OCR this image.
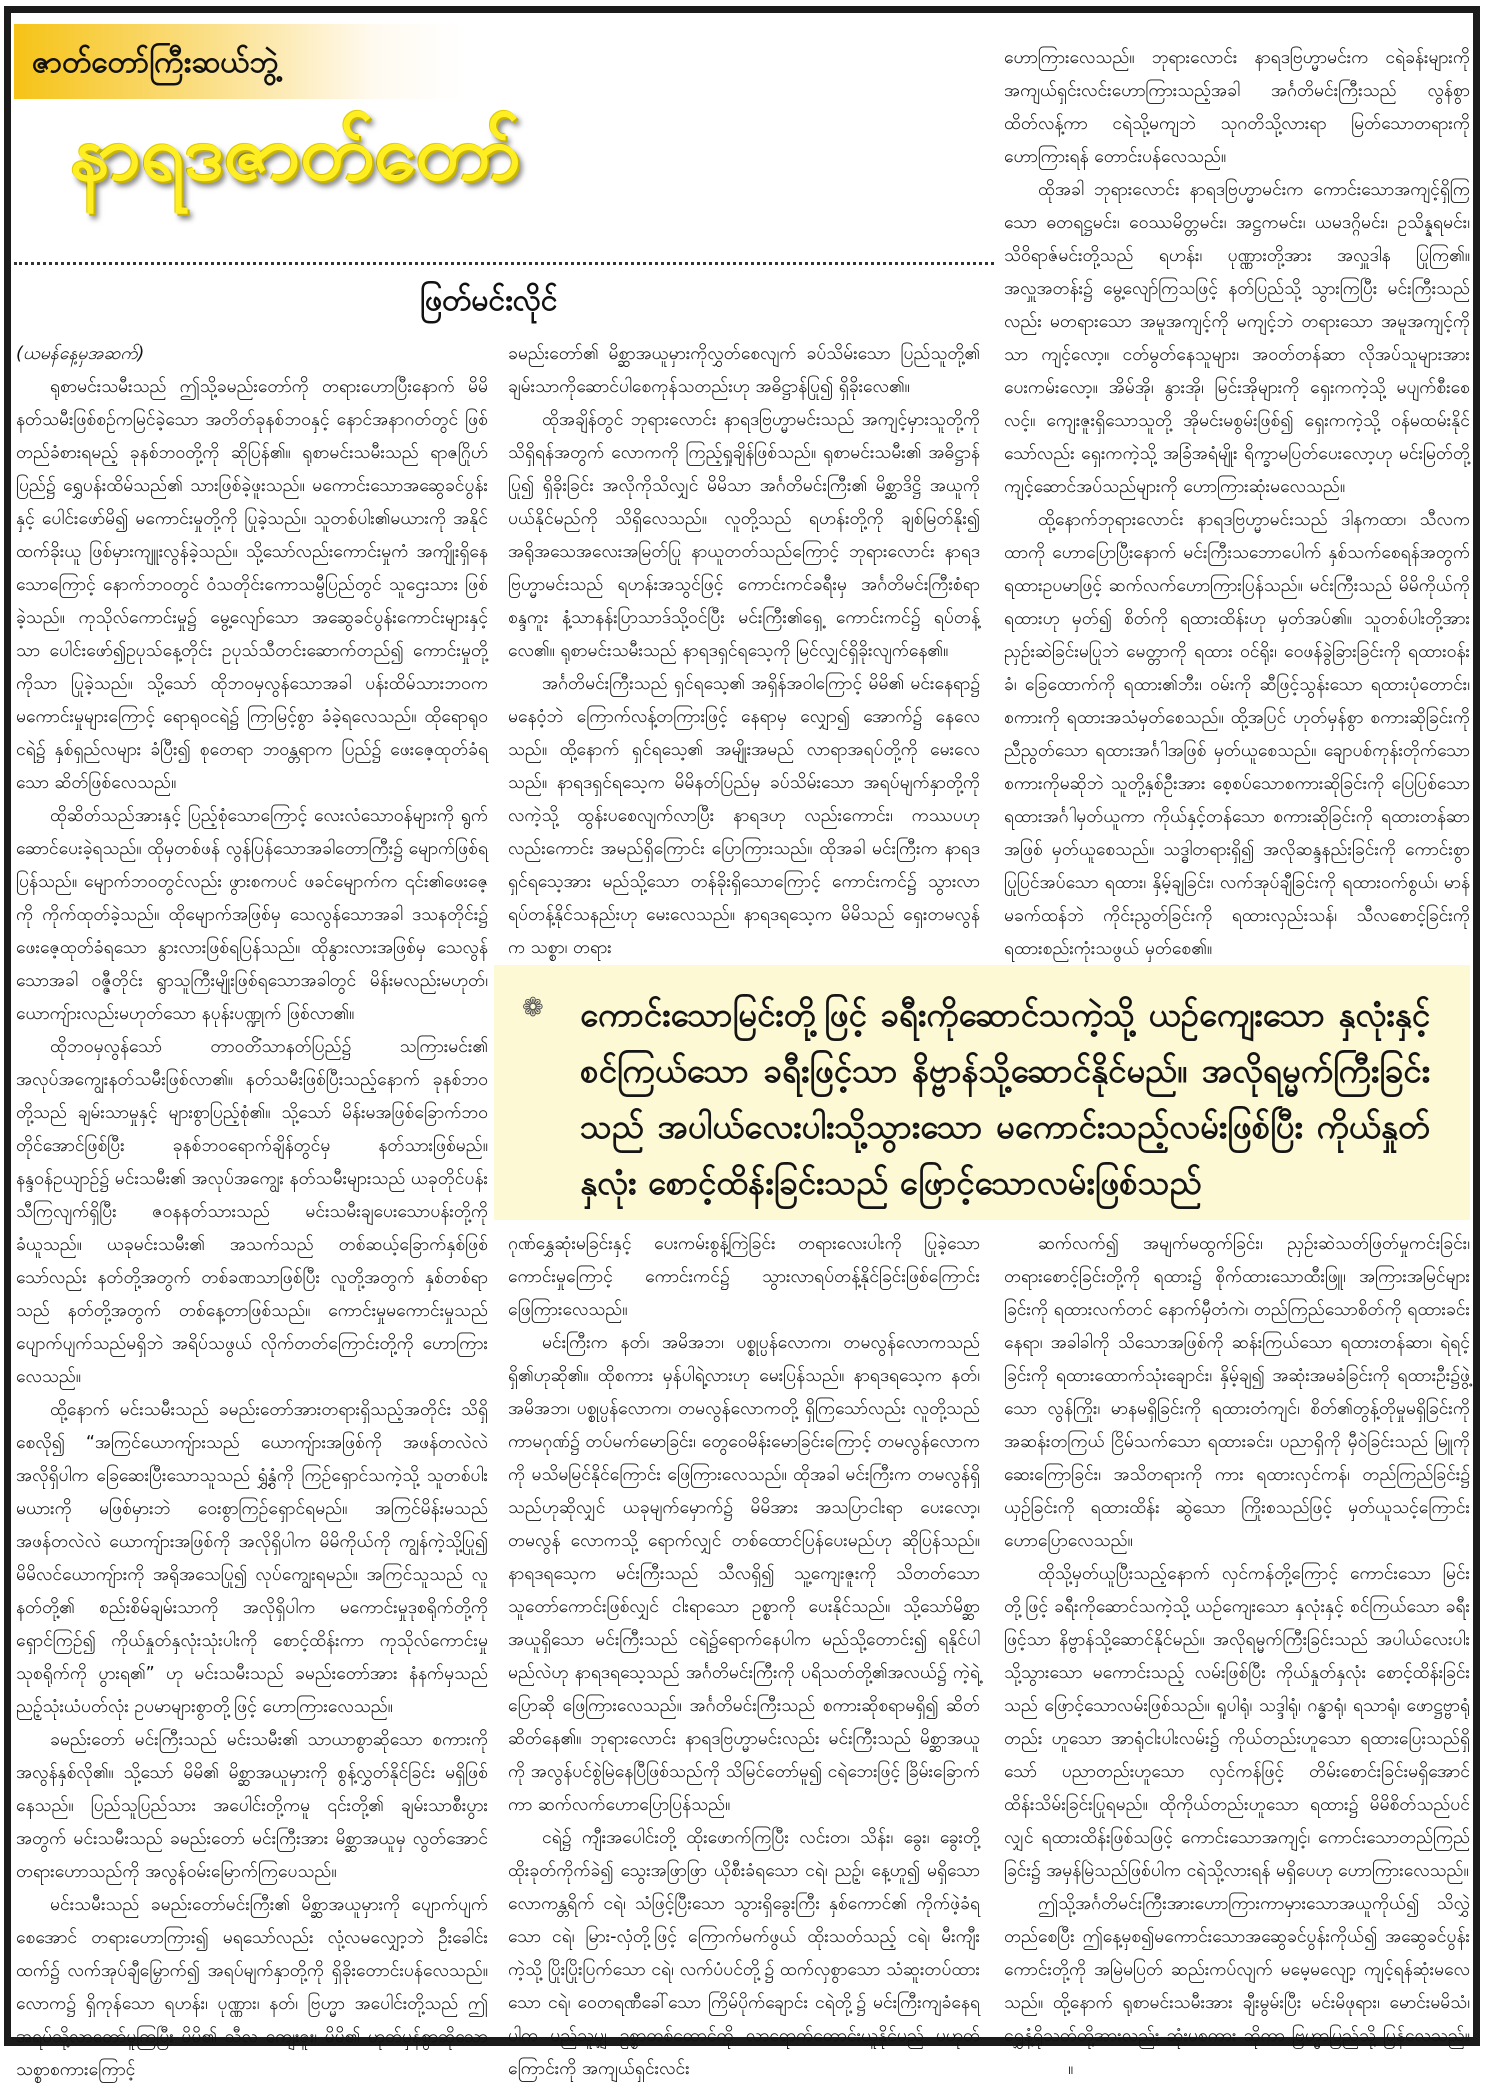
ဇာတ်တော်ကြီးဆယ်ဘွဲ့
နာရဒဇာတ်တော်
ဖြတ်မင်းလိုင်

(ယမန်နေ့မှအဆက်)

ရုစာမင်းသမီးသည် ဤသို့ခမည်းတော်ကို တရားဟောပြီးနောက် မိမိနတ်သမီးဖြစ်စဉ်ကမြင်ခဲ့သော အတိတ်ခုနစ်ဘဝနှင့် နောင်အနာဂတ်တွင် ဖြစ်တည်ခံစားရမည့် ခုနစ်ဘဝတို့ကို ဆိုပြန်၏။ ရုစာမင်းသမီးသည် ရာဇဂြိုဟ်ပြည်၌ ရွှေပန်းထိမ်သည်၏ သားဖြစ်ခဲ့ဖူးသည်။ မကောင်းသောအဆွေခင်ပွန်းနှင့် ပေါင်းဖော်မိ၍ မကောင်းမှုတို့ကို ပြုခဲ့သည်။ သူတစ်ပါး၏မယားကို အနိုင်ထက်ခိုးယူ ဖြစ်မှားကျူးလွန်ခဲ့သည်။ သို့သော်လည်းကောင်းမှုကံ အကျိုးရှိနေသောကြောင့် နောက်ဘဝတွင် ဝံသတိုင်းကောသမ္ဗီပြည်တွင် သူဌေးသား ဖြစ်ခဲ့သည်။ ကုသိုလ်ကောင်းမှု၌ မွေ့လျော်သော အဆွေခင်ပွန်းကောင်းများနှင့်သာ ပေါင်းဖော်၍ဥပုသ်နေ့တိုင်း ဥပုသ်သီတင်းဆောက်တည်၍ ကောင်းမှုတို့ကိုသာ ပြုခဲ့သည်။ သို့သော် ထိုဘဝမှလွန်သောအခါ ပန်းထိမ်သားဘဝက မကောင်းမှုများကြောင့် ရောရုဝငရဲ၌ ကြာမြင့်စွာ ခံခဲ့ရလေသည်။ ထိုရောရုဝငရဲ၌ နှစ်ရှည်လများ ခံပြီး၍ စုတေရာ ဘဝန္တရာက ပြည်၌ ဖေးဇေ့ထုတ်ခံရသော ဆိတ်ဖြစ်လေသည်။

ထိုဆိတ်သည်အားနှင့် ပြည့်စုံသောကြောင့် လေးလံသောဝန်များကို ရွက်ဆောင်ပေးခဲ့ရသည်။ ထိုမှတစ်ဖန် လွန်ပြန်သောအခါတောကြီး၌ မျောက်ဖြစ်ရပြန်သည်။ မျောက်ဘဝတွင်လည်း ဖွားစကပင် ဖခင်မျောက်က ၎င်း၏ဖေးဇေ့ကို ကိုက်ထုတ်ခဲ့သည်။ ထိုမျောက်အဖြစ်မှ သေလွန်သောအခါ ဒသနတိုင်း၌ ဖေးဇေ့ထုတ်ခံရသော နွားလားဖြစ်ရပြန်သည်။ ထိုနွားလားအဖြစ်မှ သေလွန်သောအခါ ဝဇ္ဇီတိုင်း ရွာသူကြီးမျိုးဖြစ်ရသောအခါတွင် မိန်းမလည်းမဟုတ်၊ ယောကျ်ားလည်းမဟုတ်သော နပုန်းပဏ္ဍုက် ဖြစ်လာ၏။

ထိုဘဝမှလွန်သော် တာဝတိံသာနတ်ပြည်၌ သကြားမင်း၏ အလုပ်အကျွေးနတ်သမီးဖြစ်လာ၏။ နတ်သမီးဖြစ်ပြီးသည့်နောက် ခုနစ်ဘဝတို့သည် ချမ်းသာမှုနှင့် များစွာပြည့်စုံ၏။ သို့သော် မိန်းမအဖြစ်ခြောက်ဘဝတိုင်အောင်ဖြစ်ပြီး ခုနစ်ဘဝရောက်ချိန်တွင်မှ နတ်သားဖြစ်မည်။ နန္ဒဝန်ဥယျာဉ်၌ မင်းသမီး၏ အလုပ်အကျွေး နတ်သမီးများသည် ယခုတိုင်ပန်းသီကြလျက်ရှိပြီး ဇဝနနတ်သားသည် မင်းသမီးချပေးသောပန်းတို့ကို ခံယူသည်။ ယခုမင်းသမီး၏ အသက်သည် တစ်ဆယ့်ခြောက်နှစ်ဖြစ်သော်လည်း နတ်တို့အတွက် တစ်ခဏသာဖြစ်ပြီး လူတို့အတွက် နှစ်တစ်ရာသည် နတ်တို့အတွက် တစ်နေ့တာဖြစ်သည်။ ကောင်းမှုမကောင်းမှုသည် ပျောက်ပျက်သည်မရှိဘဲ အရိပ်သဖွယ် လိုက်တတ်ကြောင်းတို့ကို ဟောကြားလေသည်။

ထို့နောက် မင်းသမီးသည် ခမည်းတော်အားတရားရှိသည့်အတိုင်း သိရှိစေလို၍ “အကြင်ယောကျ်ားသည် ယောကျ်ားအဖြစ်ကို အဖန်တလဲလဲ အလိုရှိပါက ခြေဆေးပြီးသောသူသည် ရွှံ့နွံကို ကြဉ်ရှောင်သကဲ့သို့ သူတစ်ပါးမယားကို မဖြစ်မှားဘဲ ဝေးစွာကြဉ်ရှောင်ရမည်။ အကြင်မိန်းမသည် အဖန်တလဲလဲ ယောကျ်ားအဖြစ်ကို အလိုရှိပါက မိမိကိုယ်ကို ကျွန်ကဲ့သို့ပြု၍ မိမိလင်ယောကျ်ားကို အရိုအသေပြု၍ လုပ်ကျွေးရမည်။ အကြင်သူသည် လူနတ်တို့၏ စည်းစိမ်ချမ်းသာကို အလိုရှိပါက မကောင်းမှုဒုစရိုက်တို့ကို ရှောင်ကြဉ်၍ ကိုယ်နှုတ်နှလုံးသုံးပါးကို စောင့်ထိန်းကာ ကုသိုလ်ကောင်းမှု သုစရိုက်ကို ပွားရ၏” ဟု မင်းသမီးသည် ခမည်းတော်အား နံနက်မှသည် ညဉ့်သုံးယံပတ်လုံး ဥပမာများစွာတို့ဖြင့် ဟောကြားလေသည်။

ခမည်းတော် မင်းကြီးသည် မင်းသမီး၏ သာယာစွာဆိုသော စကားကို အလွန်နှစ်လို၏။ သို့သော် မိမိ၏ မိစ္ဆာအယူမှားကို စွန့်လွှတ်နိုင်ခြင်း မရှိဖြစ်နေသည်။ ပြည်သူပြည်သား အပေါင်းတို့ကမူ ၎င်းတို့၏ ချမ်းသာစီးပွားအတွက် မင်းသမီးသည် ခမည်းတော် မင်းကြီးအား မိစ္ဆာအယူမှ လွတ်အောင်တရားဟောသည်ကို အလွန်ဝမ်းမြောက်ကြပေသည်။

မင်းသမီးသည် ခမည်းတော်မင်းကြီး၏ မိစ္ဆာအယူမှားကို ပျောက်ပျက်စေအောင် တရားဟောကြား၍ မရသော်လည်း လုံ့လမလျှော့ဘဲ ဦးခေါင်းထက်၌ လက်အုပ်ချီမြှောက်၍ အရပ်မျက်နှာတို့ကို ရှိခိုးတောင်းပန်လေသည်။ လောက၌ ရှိကုန်သော ရဟန်း၊ ပုဏ္ဏား၊ နတ်၊ ဗြဟ္မာ အပေါင်းတို့သည် ဤအရပ်သို့လာတော်မူကြပြီး မိမိ၏ သီလ ကျေးဇူး၊ မိမိ၏ ဟုတ်မှန်စွာဆိုသော သစ္စာစကားကြောင့်

ခမည်းတော်၏ မိစ္ဆာအယူမှားကိုလွှတ်စေလျက် ခပ်သိမ်းသော ပြည်သူတို့၏ ချမ်းသာကိုဆောင်ပါစေကုန်သတည်းဟု အဓိဋ္ဌာန်ပြု၍ ရှိခိုးလေ၏။

ထိုအချိန်တွင် ဘုရားလောင်း နာရဒဗြဟ္မာမင်းသည် အကျင့်မှားသူတို့ကို သိရှိရန်အတွက် လောကကို ကြည့်ရှုချိန်ဖြစ်သည်။ ရုစာမင်းသမီး၏ အဓိဋ္ဌာန်ပြု၍ ရှိခိုးခြင်း အလိုကိုသိလျှင် မိမိသာ အင်္ဂတိမင်းကြီး၏ မိစ္ဆာဒိဋ္ဌိ အယူကို ပယ်နိုင်မည်ကို သိရှိလေသည်။ လူတို့သည် ရဟန်းတို့ကို ချစ်မြတ်နိုး၍ အရိုအသေအလေးအမြတ်ပြု နာယူတတ်သည်ကြောင့် ဘုရားလောင်း နာရဒဗြဟ္မာမင်းသည် ရဟန်းအသွင်ဖြင့် ကောင်းကင်ခရီးမှ အင်္ဂတိမင်းကြီးစံရာ စန္ဒကူး နံ့သာနန်းပြာသာဒ်သို့ဝင်ပြီး မင်းကြီး၏ရှေ့ ကောင်းကင်၌ ရပ်တန့်လေ၏။ ရုစာမင်းသမီးသည် နာရဒရှင်ရသေ့ကို မြင်လျှင်ရှိခိုးလျက်နေ၏။

အင်္ဂတိမင်းကြီးသည် ရှင်ရသေ့၏ အရှိန်အဝါကြောင့် မိမိ၏ မင်းနေရာ၌ မနေဝံ့ဘဲ ကြောက်လန့်တကြားဖြင့် နေရာမှ လျှော၍ အောက်၌ နေလေသည်။ ထို့နောက် ရှင်ရသေ့၏ အမျိုးအမည် လာရာအရပ်တို့ကို မေးလေသည်။ နာရဒရှင်ရသေ့က မိမိနတ်ပြည်မှ ခပ်သိမ်းသော အရပ်မျက်နှာတို့ကို လကဲ့သို့ ထွန်းပစေလျက်လာပြီး နာရဒဟု လည်းကောင်း၊ ကဿပဟုလည်းကောင်း အမည်ရှိကြောင်း ပြောကြားသည်။ ထိုအခါ မင်းကြီးက နာရဒရှင်ရသေ့အား မည်သို့သော တန်ခိုးရှိသောကြောင့် ကောင်းကင်၌ သွားလာရပ်တန့်နိုင်သနည်းဟု မေးလေသည်။ နာရဒရသေ့က မိမိသည် ရှေးတမလွန်က သစ္စာ၊ တရား

ဟောကြားလေသည်။ ဘုရားလောင်း နာရဒဗြဟ္မာမင်းက ငရဲခန်းများကို အကျယ်ရှင်းလင်းဟောကြားသည့်အခါ အင်္ဂတိမင်းကြီးသည် လွန်စွာထိတ်လန့်ကာ ငရဲသို့မကျဘဲ သုဂတိသို့လားရာ မြတ်သောတရားကို ဟောကြားရန် တောင်းပန်လေသည်။

ထိုအခါ ဘုရားလောင်း နာရဒဗြဟ္မာမင်းက ကောင်းသောအကျင့်ရှိကြသော ဓတရဋ္ဌမင်း၊ ဝေဿမိတ္တမင်း၊ အဋ္ဌကမင်း၊ ယမဒဂ္ဂိမင်း၊ ဥသိန္နရမင်း၊ သိဝိရာဇ်မင်းတို့သည် ရဟန်း၊ ပုဏ္ဏားတို့အား အလှူဒါန ပြုကြ၏။ အလှူအတန်း၌ မွေ့လျော်ကြသဖြင့် နတ်ပြည်သို့ သွားကြပြီး မင်းကြီးသည်လည်း မတရားသော အမူအကျင့်ကို မကျင့်ဘဲ တရားသော အမူအကျင့်ကိုသာ ကျင့်လော့။ ငတ်မွတ်နေသူများ၊ အဝတ်တန်ဆာ လိုအပ်သူများအား ပေးကမ်းလော့။ အိမ်အို၊ နွားအို၊ မြင်းအိုများကို ရှေးကကဲ့သို့ မပျက်စီးစေလင့်။ ကျေးဇူးရှိသောသူတို့ အိုမင်းမစွမ်းဖြစ်၍ ရှေးကကဲ့သို့ ဝန်မထမ်းနိုင်သော်လည်း ရှေးကကဲ့သို့ အခြံအရံမျိုး ရိက္ခာမပြတ်ပေးလော့ဟု မင်းမြတ်တို့ကျင့်ဆောင်အပ်သည်များကို ဟောကြားဆုံးမလေသည်။

ထို့နောက်ဘုရားလောင်း နာရဒဗြဟ္မာမင်းသည် ဒါနကထာ၊ သီလကထာကို ဟောပြောပြီးနောက် မင်းကြီးသဘောပေါက် နှစ်သက်စေရန်အတွက် ရထားဥပမာဖြင့် ဆက်လက်ဟောကြားပြန်သည်။ မင်းကြီးသည် မိမိကိုယ်ကို ရထားဟု မှတ်၍ စိတ်ကို ရထားထိန်းဟု မှတ်အပ်၏။ သူတစ်ပါးတို့အား ညှဉ်းဆဲခြင်းမပြုဘဲ မေတ္တာကို ရထား ဝင်ရိုး၊ ဝေဖန်ခွဲခြားခြင်းကို ရထားဝန်းခံ၊ ခြေထောက်ကို ရထား၏ဘီး၊ ဝမ်းကို ဆီဖြင့်သွန်းသော ရထားပုံတောင်း၊ စကားကို ရထားအသံမှတ်စေသည်။ ထို့အပြင် ဟုတ်မှန်စွာ စကားဆိုခြင်းကို ညီညွတ်သော ရထားအင်္ဂါအဖြစ် မှတ်ယူစေသည်။ ချောပစ်ကုန်းတိုက်သော စကားကိုမဆိုဘဲ သူတို့နှစ်ဦးအား စေ့စပ်သောစကားဆိုခြင်းကို ပြေပြစ်သော ရထားအင်္ဂါမှတ်ယူကာ ကိုယ်နှင့်တန်သော စကားဆိုခြင်းကို ရထားတန်ဆာအဖြစ် မှတ်ယူစေသည်။ သဒ္ဓါတရားရှိ၍ အလိုဆန္ဒနည်းခြင်းကို ကောင်းစွာပြုပြင်အပ်သော ရထား၊ နှိမ့်ချခြင်း၊ လက်အုပ်ချီခြင်းကို ရထားဝက်စွယ်၊ မာန်မခက်ထန်ဘဲ ကိုင်းညွတ်ခြင်းကို ရထားလှည်းသန်၊ သီလစောင့်ခြင်းကို ရထားစည်းကုံးသဖွယ် မှတ်စေ၏။

❁ ကောင်းသောမြင်းတို့ဖြင့် ခရီးကိုဆောင်သကဲ့သို့ ယဉ်ကျေးသော နှလုံးနှင့် စင်ကြယ်သော ခရီးဖြင့်သာ နိဗ္ဗာန်သို့ဆောင်နိုင်မည်။ အလိုရမ္မက်ကြီးခြင်းသည် အပါယ်လေးပါးသို့သွားသော မကောင်းသည့်လမ်းဖြစ်ပြီး ကိုယ်နှုတ်နှလုံး စောင့်ထိန်းခြင်းသည် ဖြောင့်သောလမ်းဖြစ်သည်

ဂုဏ်နွှေဆုံးမခြင်းနှင့် ပေးကမ်းစွန့်ကြဲခြင်း တရားလေးပါးကို ပြုခဲ့သော ကောင်းမှုကြောင့် ကောင်းကင်၌ သွားလာရပ်တန့်နိုင်ခြင်းဖြစ်ကြောင်း ဖြေကြားလေသည်။

မင်းကြီးက နတ်၊ အမိအဘ၊ ပစ္စုပ္ပန်လောက၊ တမလွန်လောကသည် ရှိ၏ဟုဆို၏။ ထိုစကား မှန်ပါရဲ့လားဟု မေးပြန်သည်။ နာရဒရသေ့က နတ်၊ အမိအဘ၊ ပစ္စုပ္ပန်လောက၊ တမလွန်လောကတို့ ရှိကြသော်လည်း လူတို့သည် ကာမဂုဏ်၌ တပ်မက်မောခြင်း၊ တွေဝေမိန်းမောခြင်းကြောင့် တမလွန်လောကကို မသိမမြင်နိုင်ကြောင်း ဖြေကြားလေသည်။ ထိုအခါ မင်းကြီးက တမလွန်ရှိသည်ဟုဆိုလျှင် ယခုမျက်မှောက်၌ မိမိအား အသပြာငါးရာ ပေးလော့၊ တမလွန် လောကသို့ ရောက်လျှင် တစ်ထောင်ပြန်ပေးမည်ဟု ဆိုပြန်သည်။ နာရဒရသေ့က မင်းကြီးသည် သီလရှိ၍ သူ့ကျေးဇူးကို သိတတ်သော သူတော်ကောင်းဖြစ်လျှင် ငါးရာသော ဥစ္စာကို ပေးနိုင်သည်။ သို့သော်မိစ္ဆာအယူရှိသော မင်းကြီးသည် ငရဲ၌ရောက်နေပါက မည်သို့တောင်း၍ ရနိုင်ပါမည်လဲဟု နာရဒရသေ့သည် အင်္ဂတိမင်းကြီးကို ပရိသတ်တို့၏အလယ်၌ ကဲ့ရဲ့ပြောဆို ဖြေကြားလေသည်။ အင်္ဂတိမင်းကြီးသည် စကားဆိုစရာမရှိ၍ ဆိတ်ဆိတ်နေ၏။ ဘုရားလောင်း နာရဒဗြဟ္မာမင်းလည်း မင်းကြီးသည် မိစ္ဆာအယူကို အလွန်ပင်စွဲမြဲနေပြီဖြစ်သည်ကို သိမြင်တော်မူ၍ ငရဲဘေးဖြင့် ခြိမ်းခြောက်ကာ ဆက်လက်ဟောပြောပြန်သည်။

ငရဲ၌ ကျီးအပေါင်းတို့ ထိုးဖောက်ကြပြီး လင်းတ၊ သိန်း၊ ခွေး၊ ခွေးတို့ ထိုးခုတ်ကိုက်ခဲ၍ သွေးအဖြာဖြာ ယိုစီးခံရသော ငရဲ၊ ညဉ့်၊ နေ့ဟူ၍ မရှိသောလောကန္တရိက် ငရဲ၊ သံဖြင့်ပြီးသော သွားရှိခွေးကြီး နှစ်ကောင်၏ ကိုက်ဖဲ့ခံရသော ငရဲ၊ မြား-လှံတို့ဖြင့် ကြောက်မက်ဖွယ် ထိုးသတ်သည့် ငရဲ၊ မီးကျီးကဲ့သို့ ပြိုးပြိုးပြက်သော ငရဲ၊ လက်ပံပင်တို့၌ ထက်လှစွာသော သံဆူးတပ်ထားသော ငရဲ၊ ဝေတရဏီခေါ်သော ကြိမ်ပိုက်ချောင်း ငရဲတို့၌ မင်းကြီးကျခံနေရပါက မည်သူမျှ ဥစ္စာတစ်ထောင်ကို လာရောက်တောင်းယူနိုင်မည် မဟုတ်ကြောင်းကို အကျယ်ရှင်းလင်း

ဆက်လက်၍ အမျက်မထွက်ခြင်း၊ ညှဉ်းဆဲသတ်ဖြတ်မှုကင်းခြင်း၊ တရားစောင့်ခြင်းတို့ကို ရထား၌ စိုက်ထားသောထီးဖြူ၊ အကြားအမြင်များခြင်းကို ရထားလက်တင် နောက်မှီတံကဲ၊ တည်ကြည်သောစိတ်ကို ရထားခင်းနေရာ၊ အခါခါကို သိသောအဖြစ်ကို ဆန်းကြယ်သော ရထားတန်ဆာ၊ ရဲရင့်ခြင်းကို ရထားထောက်သုံးချောင်း၊ နှိမ့်ချ၍ အဆုံးအမခံခြင်းကို ရထားဦး၌ဖွဲ့သော လွန်ကြိုး၊ မာနမရှိခြင်းကို ရထားတံကျင်၊ စိတ်၏တွန့်တိုမှုမရှိခြင်းကို အဆန်းတကြယ် ငြိမ်သက်သော ရထားခင်း၊ ပညာရှိကို မှီဝဲခြင်းသည် မြူကိုဆေးကြောခြင်း၊ အသိတရားကို ကား ရထားလှင်ကန်၊ တည်ကြည်ခြင်း၌ ယှဉ်ခြင်းကို ရထားထိန်း ဆွဲသော ကြိုးစသည်ဖြင့် မှတ်ယူသင့်ကြောင်း ဟောပြောလေသည်။

ထိုသို့မှတ်ယူပြီးသည့်နောက် လှင်ကန်တို့ကြောင့် ကောင်းသော မြင်းတို့ဖြင့် ခရီးကိုဆောင်သကဲ့သို့ ယဉ်ကျေးသော နှလုံးနှင့် စင်ကြယ်သော ခရီးဖြင့်သာ နိဗ္ဗာန်သို့ဆောင်နိုင်မည်။ အလိုရမ္မက်ကြီးခြင်းသည် အပါယ်လေးပါးသို့သွားသော မကောင်းသည့် လမ်းဖြစ်ပြီး ကိုယ်နှုတ်နှလုံး စောင့်ထိန်းခြင်းသည် ဖြောင့်သောလမ်းဖြစ်သည်။ ရူပါရုံ၊ သဒ္ဒါရုံ၊ ဂန္ဓာရုံ၊ ရသာရုံ၊ ဖောဋ္ဌဗ္ဗာရုံတည်း ဟူသော အာရုံငါးပါးလမ်း၌ ကိုယ်တည်းဟူသော ရထားပြေးသည်ရှိသော် ပညာတည်းဟူသော လှင်ကန်ဖြင့် တိမ်းစောင်းခြင်းမရှိအောင် ထိန်းသိမ်းခြင်းပြုရမည်။ ထိုကိုယ်တည်းဟူသော ရထား၌ မိမိစိတ်သည်ပင်လျှင် ရထားထိန်းဖြစ်သဖြင့် ကောင်းသောအကျင့်၊ ကောင်းသောတည်ကြည်ခြင်း၌ အမှန်မြဲသည်ဖြစ်ပါက ငရဲသို့လားရန် မရှိပေဟု ဟောကြားလေသည်။

ဤသို့အင်္ဂတိမင်းကြီးအားဟောကြားကာမှားသောအယူကိုယ်၍ သိလွှဲတည်စေပြီး ဤနေ့မှစ၍မကောင်းသောအဆွေခင်ပွန်းကိုယ်၍ အဆွေခင်ပွန်းကောင်းတို့ကို အမြဲမပြတ် ဆည်းကပ်လျက် မမေ့မလျော့ ကျင့်ရန်ဆုံးမလေသည်။ ထို့နောက် ရုစာမင်းသမီးအား ချီးမွမ်းပြီး မင်းမိဖုရား၊ မောင်းမမိသံ၊ ရွှေနံ့ရိုသတ်တို့အားလည်း ဆုံးမစကား ဆိုကာ ဗြဟ္မာပြည်သို့ ပြန်လေသည်။။
